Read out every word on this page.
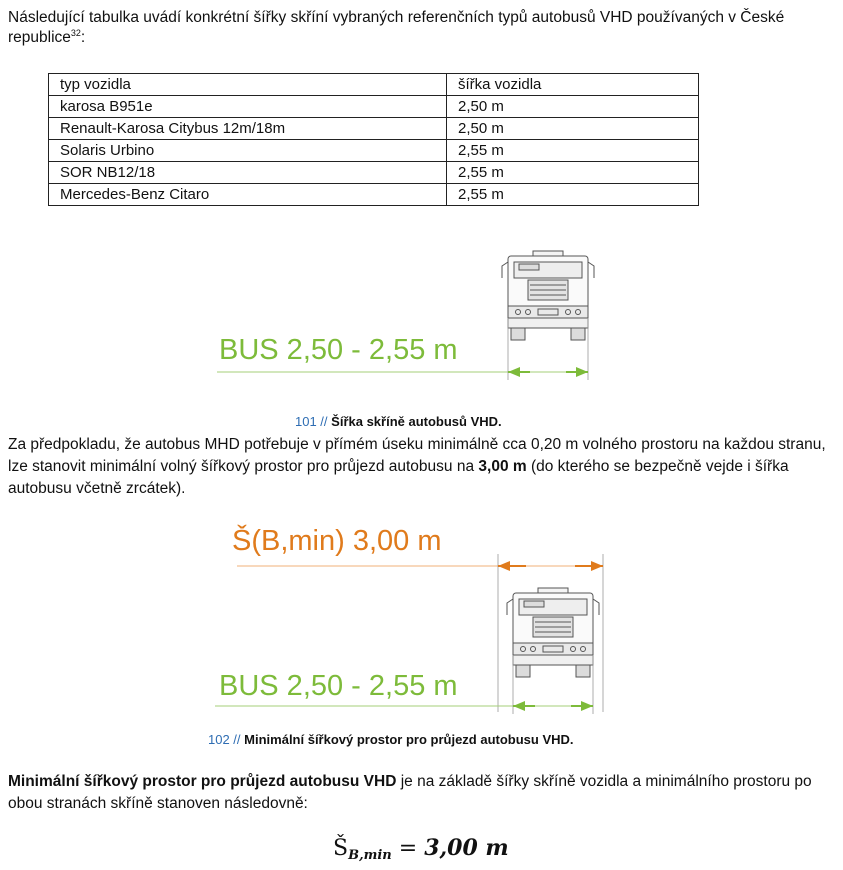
Následující tabulka uvádí konkrétní šířky skříní vybraných referenčních typů autobusů VHD používaných v České republice$^{32}$:
typ vozidla	šířka vozidla
karosa B951e	2,50 m
Renault-Karosa Citybus 12m/18m	2,50 m
Solaris Urbino	2,55 m
SOR NB12/18	2,55 m
Mercedes-Benz Citaro	2,55 m
BUS 2,50 - 2,55 m
101 // Šířka skříně autobusů VHD.
Za předpokladu, že autobus MHD potřebuje v přímém úseku minimálně cca 0,20 m volného prostoru na každou stranu, lze stanovit minimální volný šířkový prostor pro průjezd autobusu na 3,00 m (do kterého se bezpečně vejde i šířka autobusu včetně zrcátek).
Š(B,min) 3,00 m
BUS 2,50 - 2,55 m
102 // Minimální šířkový prostor pro průjezd autobusu VHD.
Minimální šířkový prostor pro průjezd autobusu VHD je na základě šířky skříně vozidla a minimálního prostoru po obou stranách skříně stanoven následovně:
$Š_{B,min} = 3,00$ m
